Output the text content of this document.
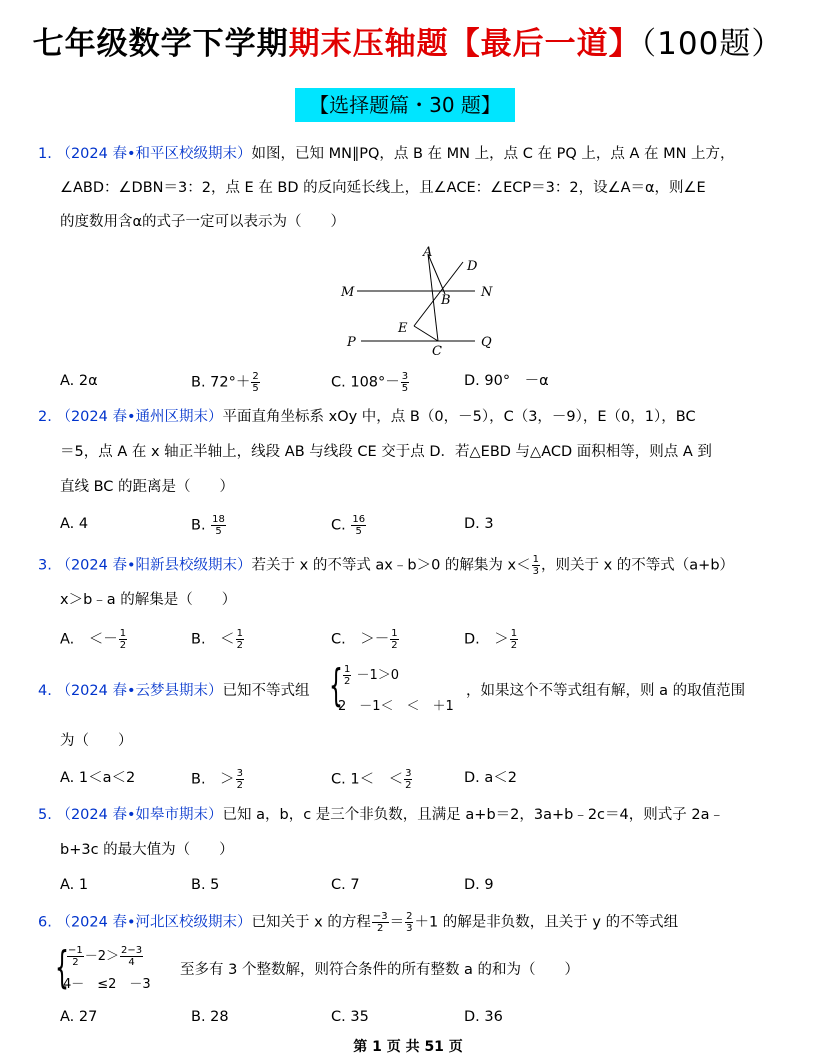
七年级数学下学期期末压轴题【最后一道】（100题）
【选择题篇・30 题】
1. （2024 春•和平区校级期末）如图，已知 MN∥PQ，点 B 在 MN 上，点 C 在 PQ 上，点 A 在 MN 上方，
∠ABD：∠DBN＝3：2，点 E 在 BD 的反向延长线上，且∠ACE：∠ECP＝3：2，设∠A＝α，则∠E
的度数用含α的式子一定可以表示为（　　）
A
D
M
B
N
E
P
C
Q
A. 2α	B. $72^\circ+ \frac{2}{5}$	C. $108^\circ- \frac{3}{5}$	D. 90°　－α
2. （2024 春•通州区期末）平面直角坐标系 xOy 中，点 B（0，－5），C（3，－9），E（0，1），BC
＝5，点 A 在 x 轴正半轴上，线段 AB 与线段 CE 交于点 D．若△EBD 与△ACD 面积相等，则点 A 到
直线 BC 的距离是（　　）
A. 4	B. $\frac{18}{5}$	C. $\frac{16}{5}$	D. 3
3. （2024 春•阳新县校级期末）若关于 x 的不等式 ax﹣b＞0 的解集为 $x< \frac{1}{3}$ ，则关于 x 的不等式（a+b）
x＞b﹣a 的解集是（　　）
A.　＜－ $\frac{1}{2}$	B.　＜ $\frac{1}{2}$	C.　＞－ $\frac{1}{2}$	D.　＞ $\frac{1}{2}$
4. （2024 春•云梦县期末）已知不等式组 { $\frac{1}{2} -1>0$
2　－1＜　＜　＋1
，如果这个不等式组有解，则 a 的取值范围
为（　　）
A. 1＜a＜2	B.　＞ $\frac{3}{2}$	C. 1＜　＜ $\frac{3}{2}$	D. a＜2
5. （2024 春•如皋市期末）已知 a，b，c 是三个非负数，且满足 a+b＝2，3a+b﹣2c＝4，则式子 2a﹣
b+3c 的最大值为（　　）
A. 1	B. 5	C. 7	D. 9
6. （2024 春•河北区校级期末）已知关于 x 的方程 $\frac{-3}{2} = \frac{2}{3} +1$ 的解是非负数，且关于 y 的不等式组
{
$\frac{-1}{2} -2> \frac{2-3}{4}$
4－　≤2　－3
至多有 3 个整数解，则符合条件的所有整数 a 的和为（　　）
A. 27	B. 28	C. 35	D. 36
第 1 页 共 51 页
